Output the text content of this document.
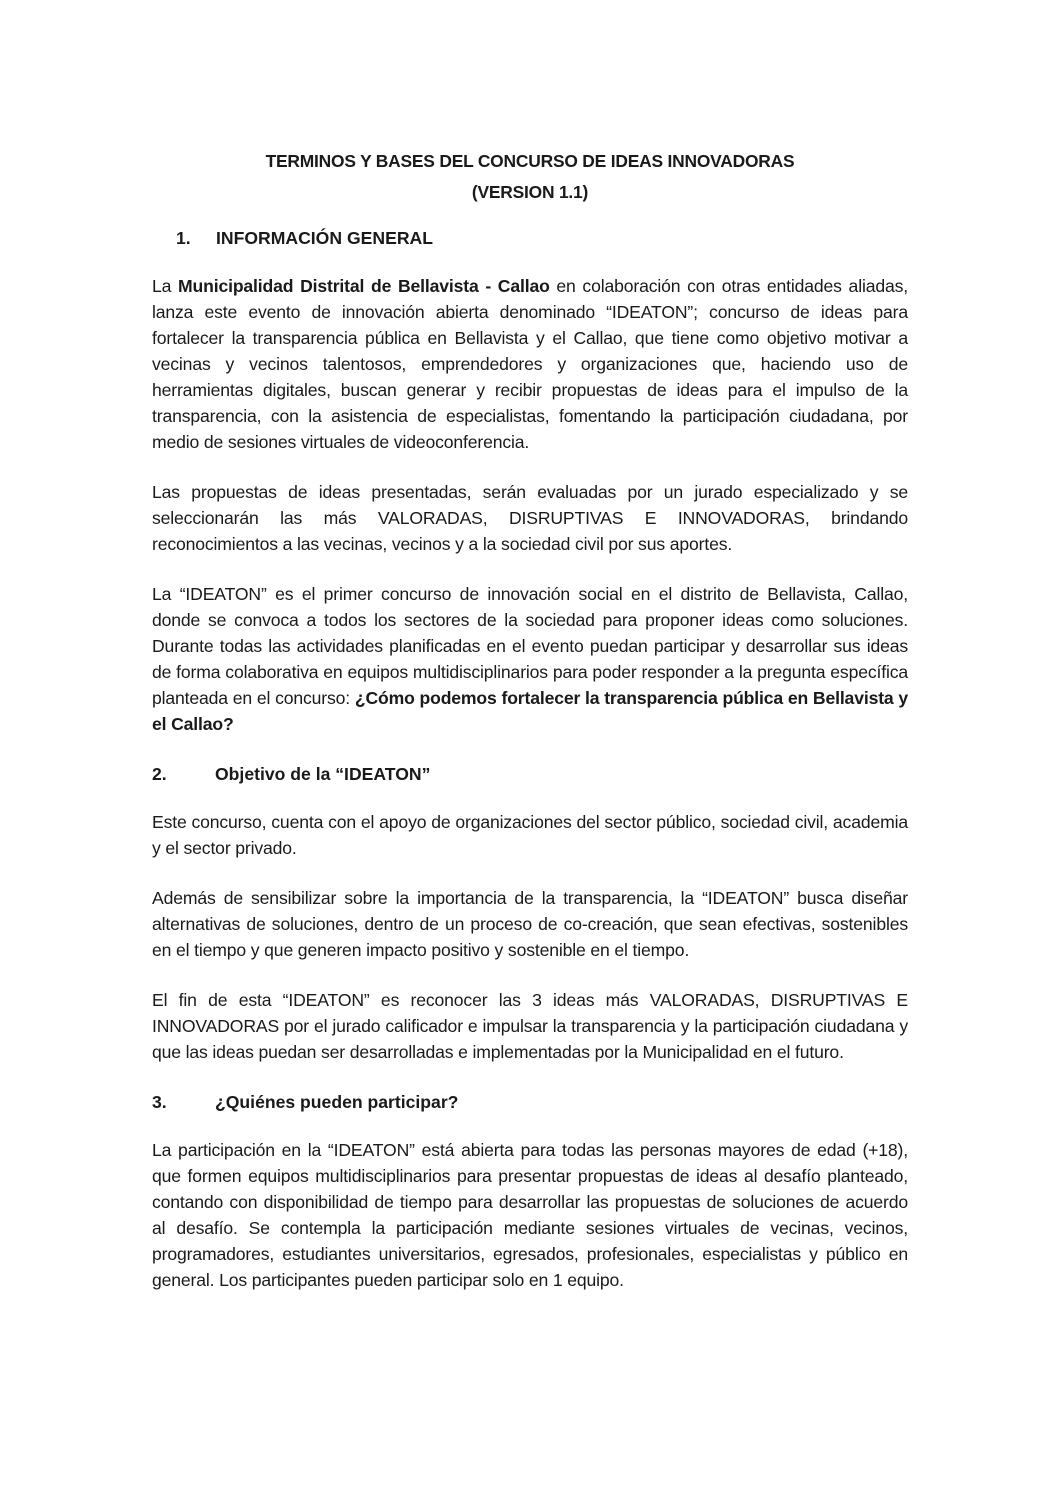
TERMINOS Y BASES DEL CONCURSO DE IDEAS INNOVADORAS

(VERSION 1.1)

1.	INFORMACIÓN GENERAL

La Municipalidad Distrital de Bellavista - Callao en colaboración con otras entidades aliadas, lanza este evento de innovación abierta denominado “IDEATON”; concurso de ideas para fortalecer la transparencia pública en Bellavista y el Callao, que tiene como objetivo motivar a vecinas y vecinos talentosos, emprendedores y organizaciones que, haciendo uso de herramientas digitales, buscan generar y recibir propuestas de ideas para el impulso de la transparencia, con la asistencia de especialistas, fomentando la participación ciudadana, por medio de sesiones virtuales de videoconferencia.

Las propuestas de ideas presentadas, serán evaluadas por un jurado especializado y se seleccionarán las más VALORADAS, DISRUPTIVAS E INNOVADORAS, brindando reconocimientos a las vecinas, vecinos y a la sociedad civil por sus aportes.

La “IDEATON” es el primer concurso de innovación social en el distrito de Bellavista, Callao, donde se convoca a todos los sectores de la sociedad para proponer ideas como soluciones. Durante todas las actividades planificadas en el evento puedan participar y desarrollar sus ideas de forma colaborativa en equipos multidisciplinarios para poder responder a la pregunta específica planteada en el concurso: ¿Cómo podemos fortalecer la transparencia pública en Bellavista y el Callao?

2.	Objetivo de la “IDEATON”

Este concurso, cuenta con el apoyo de organizaciones del sector público, sociedad civil, academia y el sector privado.

Además de sensibilizar sobre la importancia de la transparencia, la “IDEATON” busca diseñar alternativas de soluciones, dentro de un proceso de co-creación, que sean efectivas, sostenibles en el tiempo y que generen impacto positivo y sostenible en el tiempo.

El fin de esta “IDEATON” es reconocer las 3 ideas más VALORADAS, DISRUPTIVAS E INNOVADORAS por el jurado calificador e impulsar la transparencia y la participación ciudadana y que las ideas puedan ser desarrolladas e implementadas por la Municipalidad en el futuro.

3.	¿Quiénes pueden participar?

La participación en la “IDEATON” está abierta para todas las personas mayores de edad (+18), que formen equipos multidisciplinarios para presentar propuestas de ideas al desafío planteado, contando con disponibilidad de tiempo para desarrollar las propuestas de soluciones de acuerdo al desafío. Se contempla la participación mediante sesiones virtuales de vecinas, vecinos, programadores, estudiantes universitarios, egresados, profesionales, especialistas y público en general. Los participantes pueden participar solo en 1 equipo.
